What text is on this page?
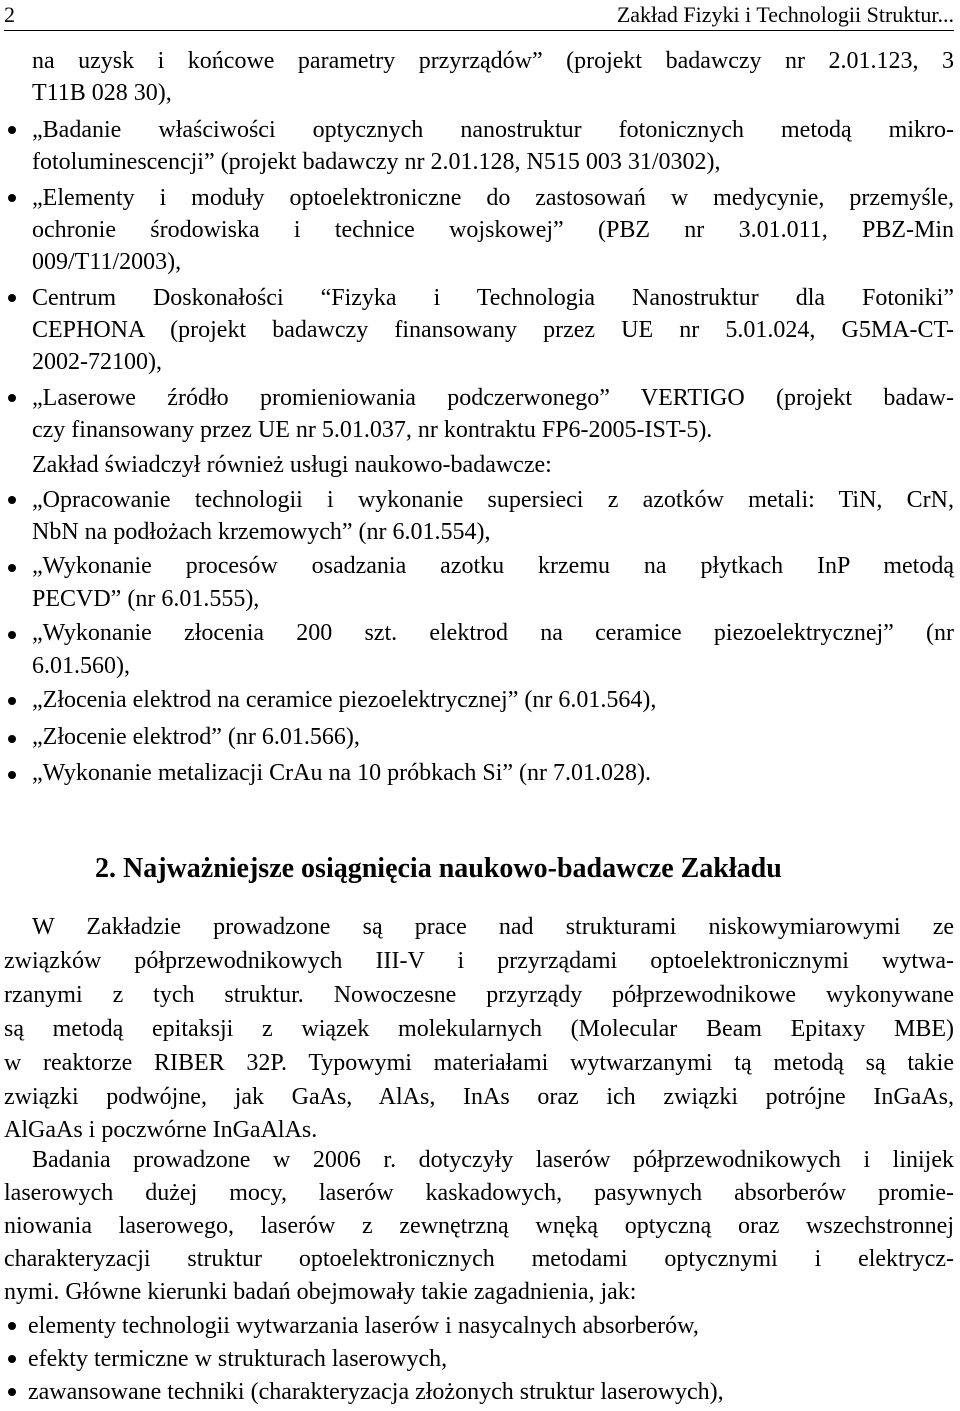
2	Zakład Fizyki i Technologii Struktur...
na uzysk i końcowe parametry przyrządów” (projekt badawczy nr 2.01.123, 3
T11B 028 30),
„Badanie właściwości optycznych nanostruktur fotonicznych metodą mikro-
fotoluminescencji” (projekt badawczy nr 2.01.128, N515 003 31/0302),
„Elementy i moduły optoelektroniczne do zastosowań w medycynie, przemyśle,
ochronie środowiska i technice wojskowej” (PBZ nr 3.01.011, PBZ-Min
009/T11/2003),
Centrum Doskonałości “Fizyka i Technologia Nanostruktur dla Fotoniki”
CEPHONA (projekt badawczy finansowany przez UE nr 5.01.024, G5MA-CT-
2002-72100),
„Laserowe źródło promieniowania podczerwonego” VERTIGO (projekt badaw-
czy finansowany przez UE nr 5.01.037, nr kontraktu FP6-2005-IST-5).
Zakład świadczył również usługi naukowo-badawcze:
„Opracowanie technologii i wykonanie supersieci z azotków metali: TiN, CrN,
NbN na podłożach krzemowych” (nr 6.01.554),
„Wykonanie procesów osadzania azotku krzemu na płytkach InP metodą
PECVD” (nr 6.01.555),
„Wykonanie złocenia 200 szt. elektrod na ceramice piezoelektrycznej” (nr
6.01.560),
„Złocenia elektrod na ceramice piezoelektrycznej” (nr 6.01.564),
„Złocenie elektrod” (nr 6.01.566),
„Wykonanie metalizacji CrAu na 10 próbkach Si” (nr 7.01.028).
2. Najważniejsze osiągnięcia naukowo-badawcze Zakładu
W Zakładzie prowadzone są prace nad strukturami niskowymiarowymi ze
związków półprzewodnikowych III-V i przyrządami optoelektronicznymi wytwa-
rzanymi z tych struktur. Nowoczesne przyrządy półprzewodnikowe wykonywane
są metodą epitaksji z wiązek molekularnych (Molecular Beam Epitaxy MBE)
w reaktorze RIBER 32P. Typowymi materiałami wytwarzanymi tą metodą są takie
związki podwójne, jak GaAs, AlAs, InAs oraz ich związki potrójne InGaAs,
AlGaAs i poczwórne InGaAlAs.
Badania prowadzone w 2006 r. dotyczyły laserów półprzewodnikowych i linijek
laserowych dużej mocy, laserów kaskadowych, pasywnych absorberów promie-
niowania laserowego, laserów z zewnętrzną wnęką optyczną oraz wszechstronnej
charakteryzacji struktur optoelektronicznych metodami optycznymi i elektrycz-
nymi. Główne kierunki badań obejmowały takie zagadnienia, jak:
elementy technologii wytwarzania laserów i nasycalnych absorberów,
efekty termiczne w strukturach laserowych,
zawansowane techniki (charakteryzacja złożonych struktur laserowych),
